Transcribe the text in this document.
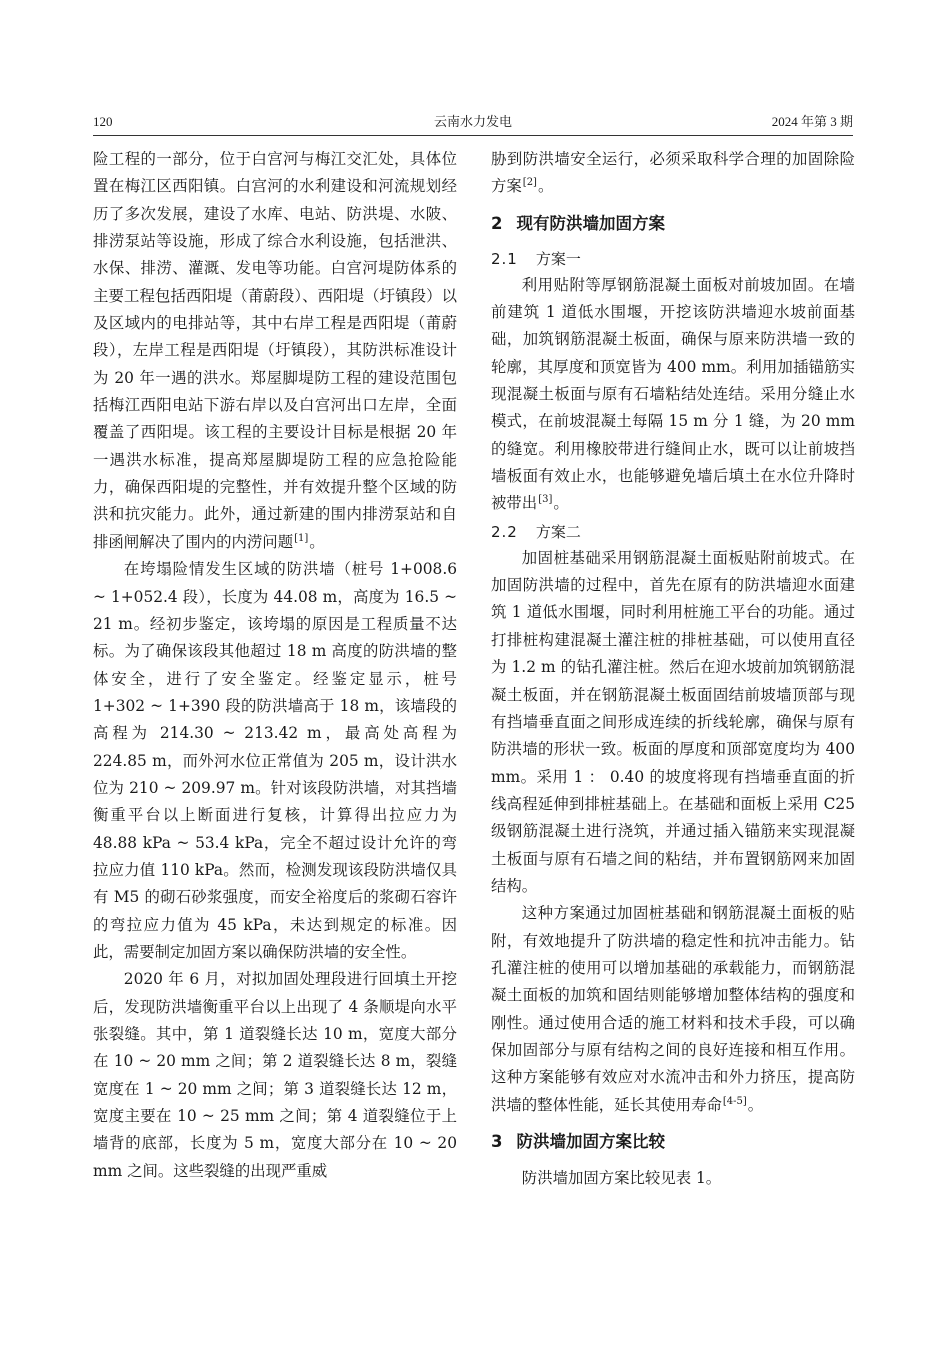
120	云南水力发电	2024 年第 3 期

险工程的一部分，位于白宫河与梅江交汇处，具体位置在梅江区西阳镇。白宫河的水利建设和河流规划经历了多次发展，建设了水库、电站、防洪堤、水陂、排涝泵站等设施，形成了综合水利设施，包括泄洪、水保、排涝、灌溉、发电等功能。白宫河堤防体系的主要工程包括西阳堤（莆蔚段）、西阳堤（圩镇段）以及区域内的电排站等，其中右岸工程是西阳堤（莆蔚段），左岸工程是西阳堤（圩镇段），其防洪标准设计为 20 年一遇的洪水。郑屋脚堤防工程的建设范围包括梅江西阳电站下游右岸以及白宫河出口左岸，全面覆盖了西阳堤。该工程的主要设计目标是根据 20 年一遇洪水标准，提高郑屋脚堤防工程的应急抢险能力，确保西阳堤的完整性，并有效提升整个区域的防洪和抗灾能力。此外，通过新建的围内排涝泵站和自排函闸解决了围内的内涝问题[1]。

在垮塌险情发生区域的防洪墙（桩号 1+008.6 ~ 1+052.4 段），长度为 44.08 m，高度为 16.5 ~ 21 m。经初步鉴定，该垮塌的原因是工程质量不达标。为了确保该段其他超过 18 m 高度的防洪墙的整体安全，进行了安全鉴定。经鉴定显示，桩号 1+302 ~ 1+390 段的防洪墙高于 18 m，该墙段的高程为 214.30 ~ 213.42 m，最高处高程为 224.85 m，而外河水位正常值为 205 m，设计洪水位为 210 ~ 209.97 m。针对该段防洪墙，对其挡墙衡重平台以上断面进行复核，计算得出拉应力为 48.88 kPa ~ 53.4 kPa，完全不超过设计允许的弯拉应力值 110 kPa。然而，检测发现该段防洪墙仅具有 M5 的砌石砂浆强度，而安全裕度后的浆砌石容许的弯拉应力值为 45 kPa，未达到规定的标准。因此，需要制定加固方案以确保防洪墙的安全性。

2020 年 6 月，对拟加固处理段进行回填土开挖后，发现防洪墙衡重平台以上出现了 4 条顺堤向水平张裂缝。其中，第 1 道裂缝长达 10 m，宽度大部分在 10 ~ 20 mm 之间；第 2 道裂缝长达 8 m，裂缝宽度在 1 ~ 20 mm 之间；第 3 道裂缝长达 12 m，宽度主要在 10 ~ 25 mm 之间；第 4 道裂缝位于上墙背的底部，长度为 5 m，宽度大部分在 10 ~ 20 mm 之间。这些裂缝的出现严重威

胁到防洪墙安全运行，必须采取科学合理的加固除险方案[2]。

2 现有防洪墙加固方案
2.1 方案一

利用贴附等厚钢筋混凝土面板对前坡加固。在墙前建筑 1 道低水围堰，开挖该防洪墙迎水坡前面基础，加筑钢筋混凝土板面，确保与原来防洪墙一致的轮廓，其厚度和顶宽皆为 400 mm。利用加插锚筋实现混凝土板面与原有石墙粘结处连结。采用分缝止水模式，在前坡混凝土每隔 15 m 分 1 缝，为 20 mm 的缝宽。利用橡胶带进行缝间止水，既可以让前坡挡墙板面有效止水，也能够避免墙后填土在水位升降时被带出[3]。

2.2 方案二

加固桩基础采用钢筋混凝土面板贴附前坡式。在加固防洪墙的过程中，首先在原有的防洪墙迎水面建筑 1 道低水围堰，同时利用桩施工平台的功能。通过打排桩构建混凝土灌注桩的排桩基础，可以使用直径为 1.2 m 的钻孔灌注桩。然后在迎水坡前加筑钢筋混凝土板面，并在钢筋混凝土板面固结前坡墙顶部与现有挡墙垂直面之间形成连续的折线轮廓，确保与原有防洪墙的形状一致。板面的厚度和顶部宽度均为 400 mm。采用 1 ： 0.40 的坡度将现有挡墙垂直面的折线高程延伸到排桩基础上。在基础和面板上采用 C25 级钢筋混凝土进行浇筑，并通过插入锚筋来实现混凝土板面与原有石墙之间的粘结，并布置钢筋网来加固结构。

这种方案通过加固桩基础和钢筋混凝土面板的贴附，有效地提升了防洪墙的稳定性和抗冲击能力。钻孔灌注桩的使用可以增加基础的承载能力，而钢筋混凝土面板的加筑和固结则能够增加整体结构的强度和刚性。通过使用合适的施工材料和技术手段，可以确保加固部分与原有结构之间的良好连接和相互作用。这种方案能够有效应对水流冲击和外力挤压，提高防洪墙的整体性能，延长其使用寿命[4-5]。

3 防洪墙加固方案比较

防洪墙加固方案比较见表 1。
